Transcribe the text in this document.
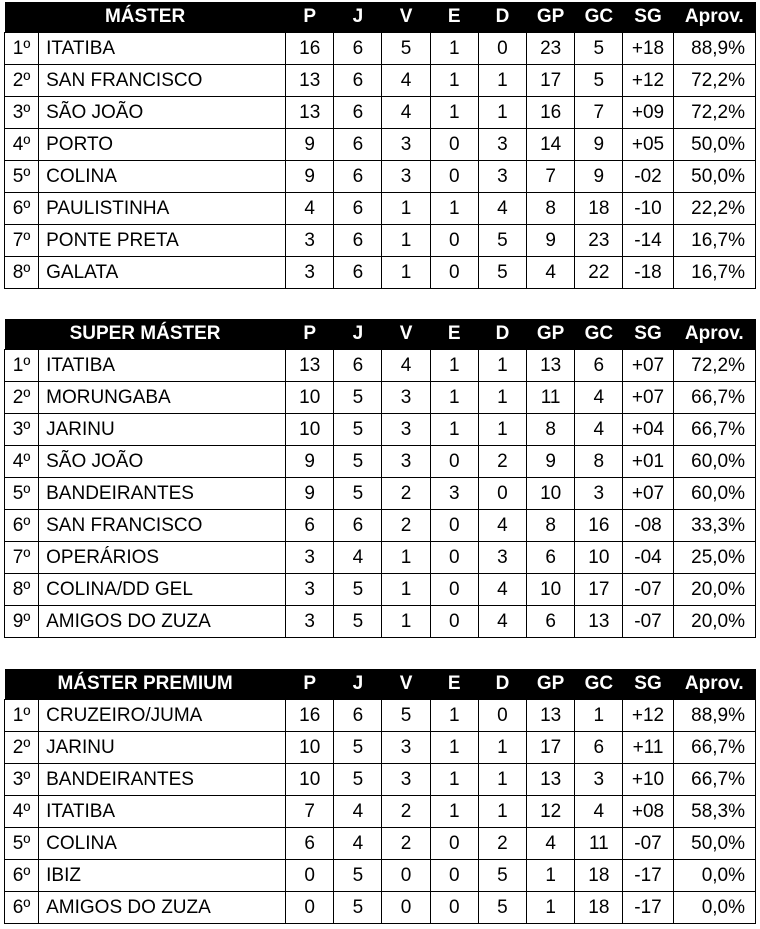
MÁSTER		P	J	V	E	D	GP	GC	SG	Aprov.
1º	ITATIBA	16	6	5	1	0	23	5	+18	88,9%
2º	SAN FRANCISCO	13	6	4	1	1	17	5	+12	72,2%
3º	SÃO JOÃO	13	6	4	1	1	16	7	+09	72,2%
4º	PORTO	9	6	3	0	3	14	9	+05	50,0%
5º	COLINA	9	6	3	0	3	7	9	-02	50,0%
6º	PAULISTINHA	4	6	1	1	4	8	18	-10	22,2%
7º	PONTE PRETA	3	6	1	0	5	9	23	-14	16,7%
8º	GALATA	3	6	1	0	5	4	22	-18	16,7%
SUPER MÁSTER		P	J	V	E	D	GP	GC	SG	Aprov.
1º	ITATIBA	13	6	4	1	1	13	6	+07	72,2%
2º	MORUNGABA	10	5	3	1	1	11	4	+07	66,7%
3º	JARINU	10	5	3	1	1	8	4	+04	66,7%
4º	SÃO JOÃO	9	5	3	0	2	9	8	+01	60,0%
5º	BANDEIRANTES	9	5	2	3	0	10	3	+07	60,0%
6º	SAN FRANCISCO	6	6	2	0	4	8	16	-08	33,3%
7º	OPERÁRIOS	3	4	1	0	3	6	10	-04	25,0%
8º	COLINA/DD GEL	3	5	1	0	4	10	17	-07	20,0%
9º	AMIGOS DO ZUZA	3	5	1	0	4	6	13	-07	20,0%
MÁSTER PREMIUM		P	J	V	E	D	GP	GC	SG	Aprov.
1º	CRUZEIRO/JUMA	16	6	5	1	0	13	1	+12	88,9%
2º	JARINU	10	5	3	1	1	17	6	+11	66,7%
3º	BANDEIRANTES	10	5	3	1	1	13	3	+10	66,7%
4º	ITATIBA	7	4	2	1	1	12	4	+08	58,3%
5º	COLINA	6	4	2	0	2	4	11	-07	50,0%
6º	IBIZ	0	5	0	0	5	1	18	-17	0,0%
6º	AMIGOS DO ZUZA	0	5	0	0	5	1	18	-17	0,0%
